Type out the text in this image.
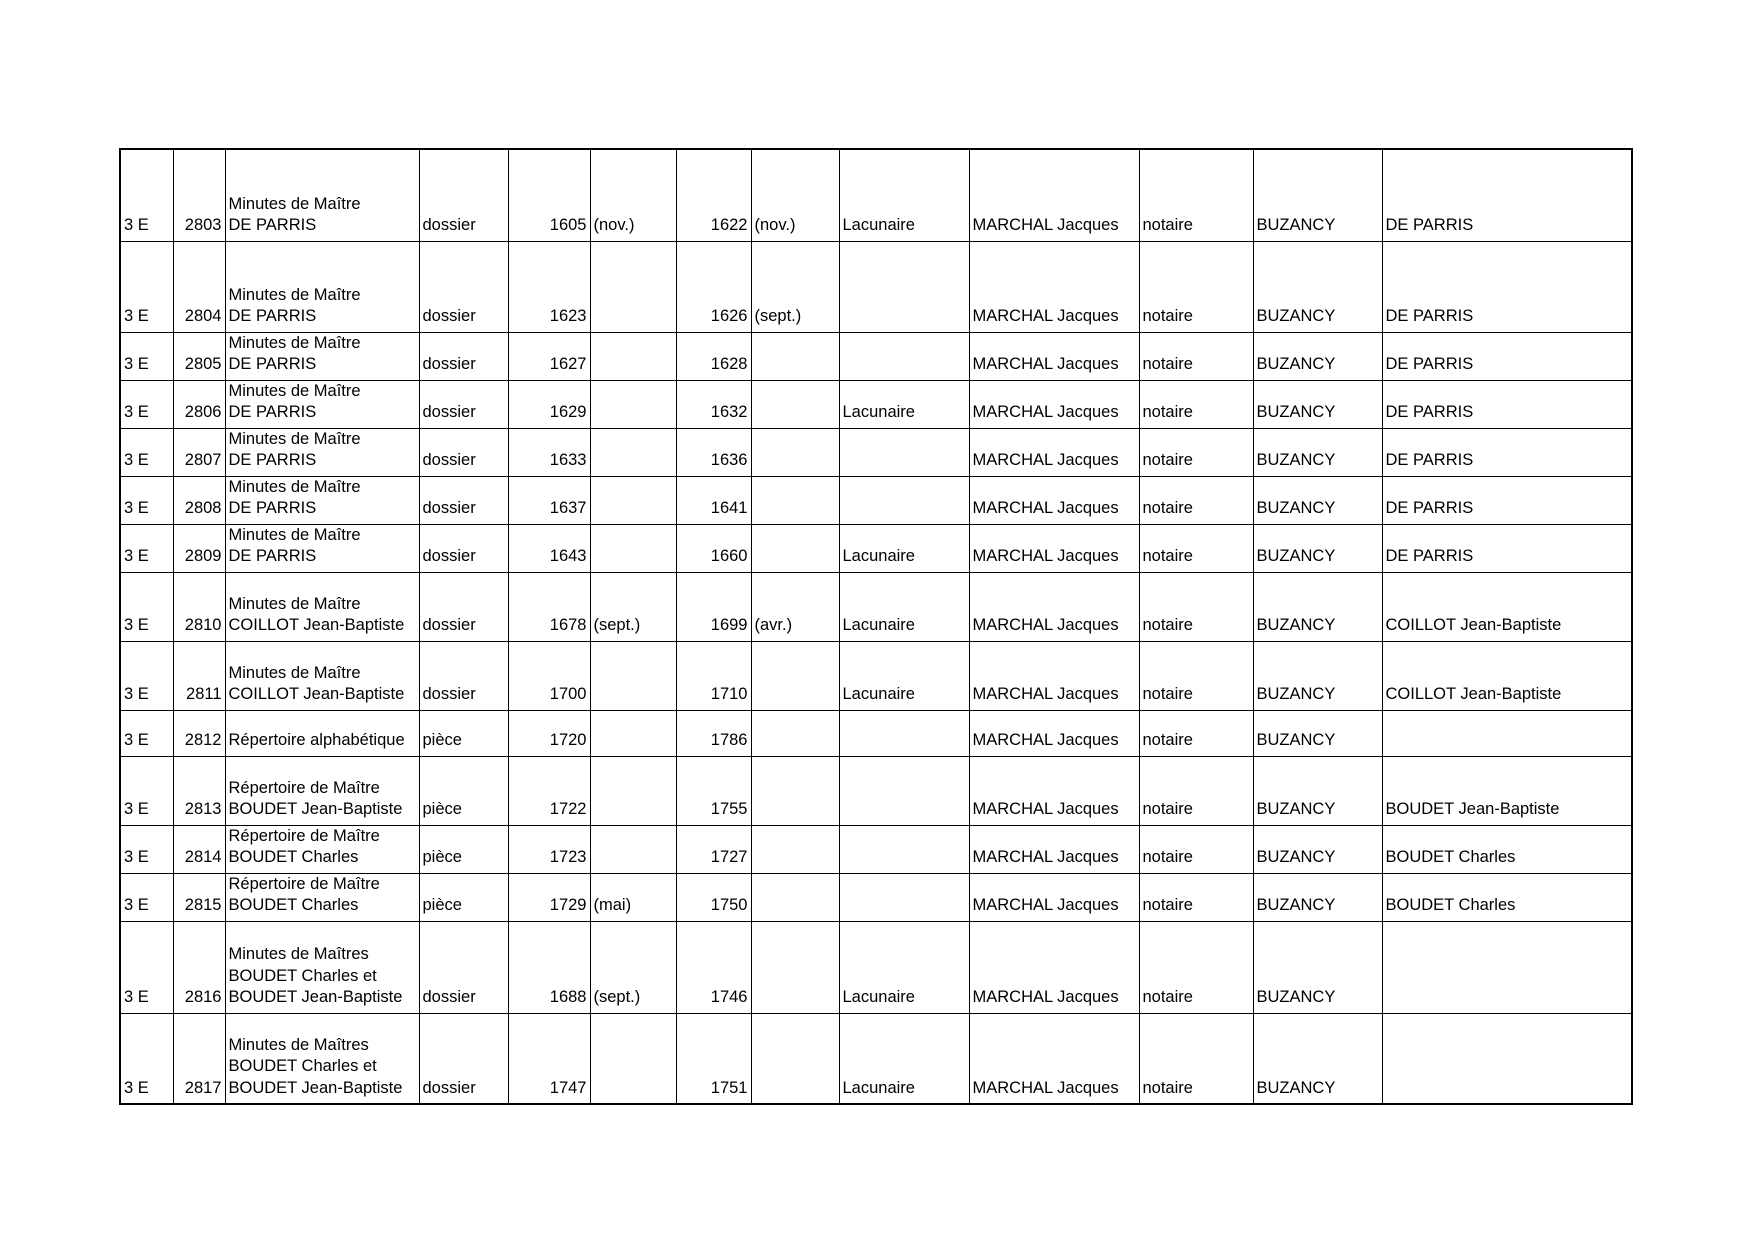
3 E	2803	Minutes de Maître
DE PARRIS	dossier	1605	(nov.)	1622	(nov.)	Lacunaire	MARCHAL Jacques	notaire	BUZANCY	DE PARRIS
3 E	2804	Minutes de Maître
DE PARRIS	dossier	1623		1626	(sept.)		MARCHAL Jacques	notaire	BUZANCY	DE PARRIS
3 E	2805	Minutes de Maître
DE PARRIS	dossier	1627		1628			MARCHAL Jacques	notaire	BUZANCY	DE PARRIS
3 E	2806	Minutes de Maître
DE PARRIS	dossier	1629		1632		Lacunaire	MARCHAL Jacques	notaire	BUZANCY	DE PARRIS
3 E	2807	Minutes de Maître
DE PARRIS	dossier	1633		1636			MARCHAL Jacques	notaire	BUZANCY	DE PARRIS
3 E	2808	Minutes de Maître
DE PARRIS	dossier	1637		1641			MARCHAL Jacques	notaire	BUZANCY	DE PARRIS
3 E	2809	Minutes de Maître
DE PARRIS	dossier	1643		1660		Lacunaire	MARCHAL Jacques	notaire	BUZANCY	DE PARRIS
3 E	2810	Minutes de Maître
COILLOT Jean-Baptiste	dossier	1678	(sept.)	1699	(avr.)	Lacunaire	MARCHAL Jacques	notaire	BUZANCY	COILLOT Jean-Baptiste
3 E	2811	Minutes de Maître
COILLOT Jean-Baptiste	dossier	1700		1710		Lacunaire	MARCHAL Jacques	notaire	BUZANCY	COILLOT Jean-Baptiste
3 E	2812	Répertoire alphabétique	pièce	1720		1786			MARCHAL Jacques	notaire	BUZANCY	
3 E	2813	Répertoire de Maître
BOUDET Jean-Baptiste	pièce	1722		1755			MARCHAL Jacques	notaire	BUZANCY	BOUDET Jean-Baptiste
3 E	2814	Répertoire de Maître
BOUDET Charles	pièce	1723		1727			MARCHAL Jacques	notaire	BUZANCY	BOUDET Charles
3 E	2815	Répertoire de Maître
BOUDET Charles	pièce	1729	(mai)	1750			MARCHAL Jacques	notaire	BUZANCY	BOUDET Charles
3 E	2816	Minutes de Maîtres
BOUDET Charles et
BOUDET Jean-Baptiste	dossier	1688	(sept.)	1746		Lacunaire	MARCHAL Jacques	notaire	BUZANCY	
3 E	2817	Minutes de Maîtres
BOUDET Charles et
BOUDET Jean-Baptiste	dossier	1747		1751		Lacunaire	MARCHAL Jacques	notaire	BUZANCY	
